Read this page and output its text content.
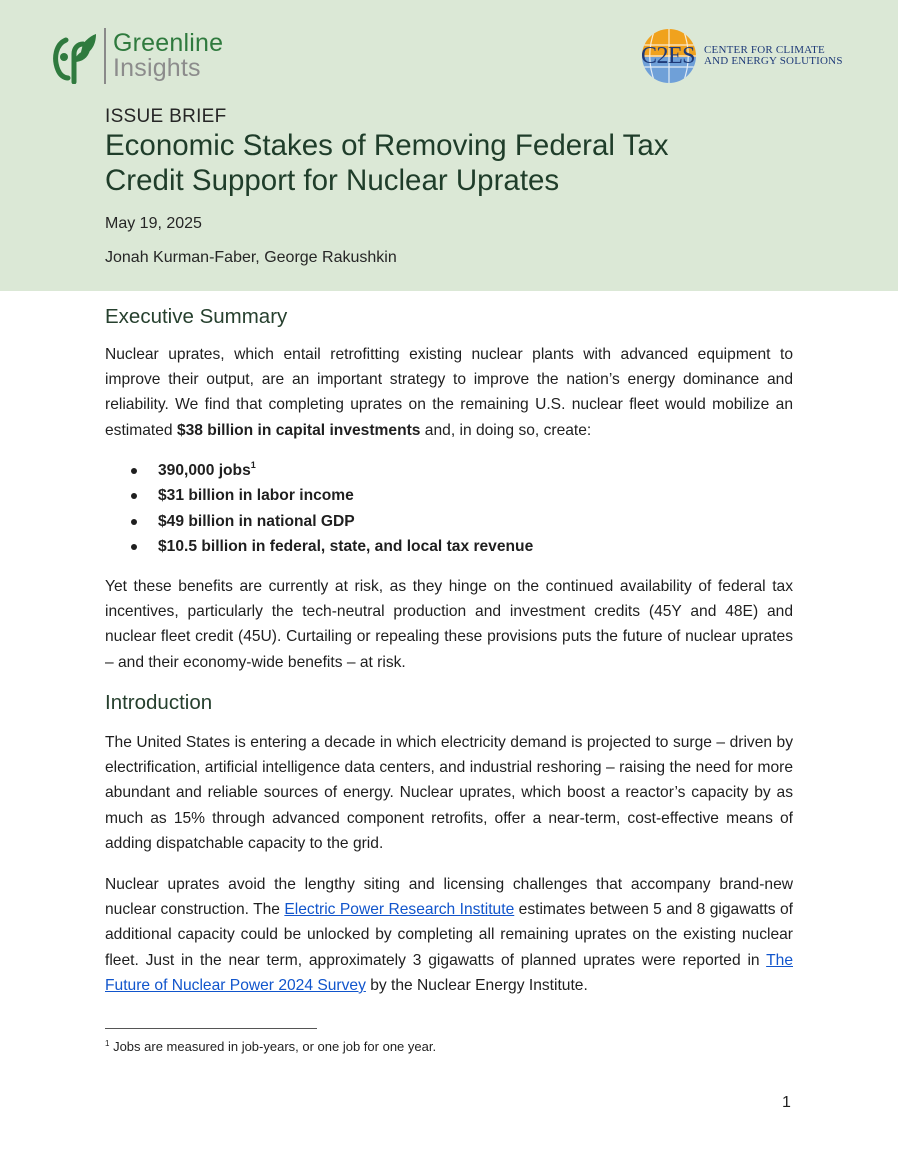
Greenline
Insights	C2ES CENTER FOR CLIMATE
AND ENERGY SOLUTIONS
ISSUE BRIEF
Economic Stakes of Removing Federal Tax
Credit Support for Nuclear Uprates
May 19, 2025
Jonah Kurman-Faber, George Rakushkin
Executive Summary

Nuclear uprates, which entail retrofitting existing nuclear plants with advanced equipment to improve their output, are an important strategy to improve the nation’s energy dominance and reliability. We find that completing uprates on the remaining U.S. nuclear fleet would mobilize an estimated $38 billion in capital investments and, in doing so, create:

390,000 jobs$^1$
$31 billion in labor income
$49 billion in national GDP
$10.5 billion in federal, state, and local tax revenue

Yet these benefits are currently at risk, as they hinge on the continued availability of federal tax incentives, particularly the tech-neutral production and investment credits (45Y and 48E) and nuclear fleet credit (45U). Curtailing or repealing these provisions puts the future of nuclear uprates – and their economy-wide benefits – at risk.

Introduction

The United States is entering a decade in which electricity demand is projected to surge – driven by electrification, artificial intelligence data centers, and industrial reshoring – raising the need for more abundant and reliable sources of energy. Nuclear uprates, which boost a reactor’s capacity by as much as 15% through advanced component retrofits, offer a near-term, cost-effective means of adding dispatchable capacity to the grid.

Nuclear uprates avoid the lengthy siting and licensing challenges that accompany brand-new nuclear construction. The Electric Power Research Institute estimates between 5 and 8 gigawatts of additional capacity could be unlocked by completing all remaining uprates on the existing nuclear fleet. Just in the near term, approximately 3 gigawatts of planned uprates were reported in The Future of Nuclear Power 2024 Survey by the Nuclear Energy Institute.

$^1$ Jobs are measured in job-years, or one job for one year.
1
